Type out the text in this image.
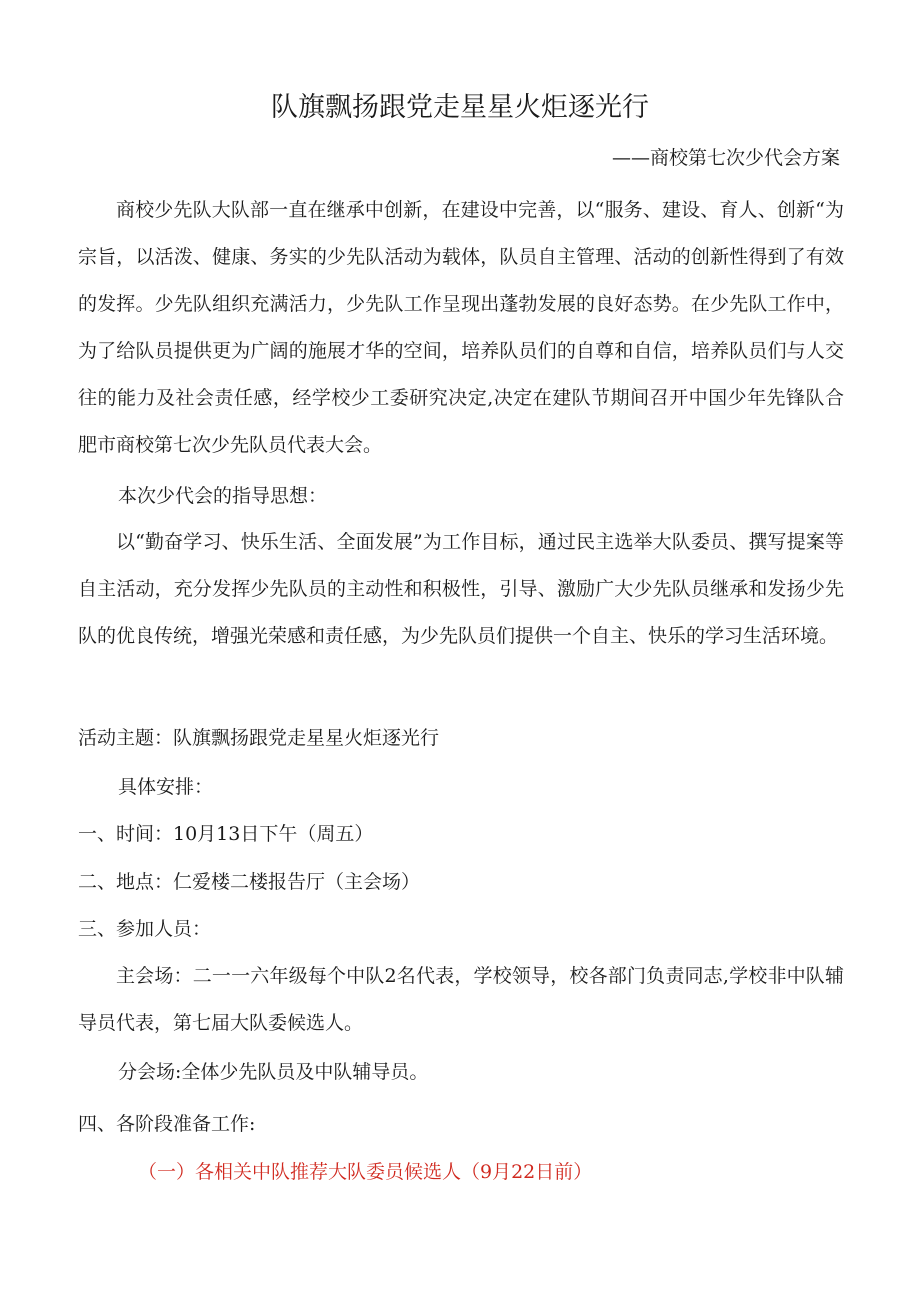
队旗飘扬跟党走星星火炬逐光行
——商校第七次少代会方案

商校少先队大队部一直在继承中创新，在建设中完善，以“服务、建设、育人、创新“为宗旨，以活泼、健康、务实的少先队活动为载体，队员自主管理、活动的创新性得到了有效的发挥。少先队组织充满活力，少先队工作呈现出蓬勃发展的良好态势。在少先队工作中，为了给队员提供更为广阔的施展才华的空间，培养队员们的自尊和自信，培养队员们与人交往的能力及社会责任感，经学校少工委研究决定,决定在建队节期间召开中国少年先锋队合肥市商校第七次少先队员代表大会。

本次少代会的指导思想：

以“勤奋学习、快乐生活、全面发展”为工作目标，通过民主选举大队委员、撰写提案等自主活动，充分发挥少先队员的主动性和积极性，引导、激励广大少先队员继承和发扬少先队的优良传统，增强光荣感和责任感，为少先队员们提供一个自主、快乐的学习生活环境。

活动主题：队旗飘扬跟党走星星火炬逐光行
具体安排：
一、时间：10月13日下午（周五）
二、地点：仁爱楼二楼报告厅（主会场）
三、参加人员：

主会场：二一一六年级每个中队2名代表，学校领导，校各部门负责同志,学校非中队辅导员代表，第七届大队委候选人。

分会场:全体少先队员及中队辅导员。
四、各阶段准备工作:
（一）各相关中队推荐大队委员候选人（9月22日前）
